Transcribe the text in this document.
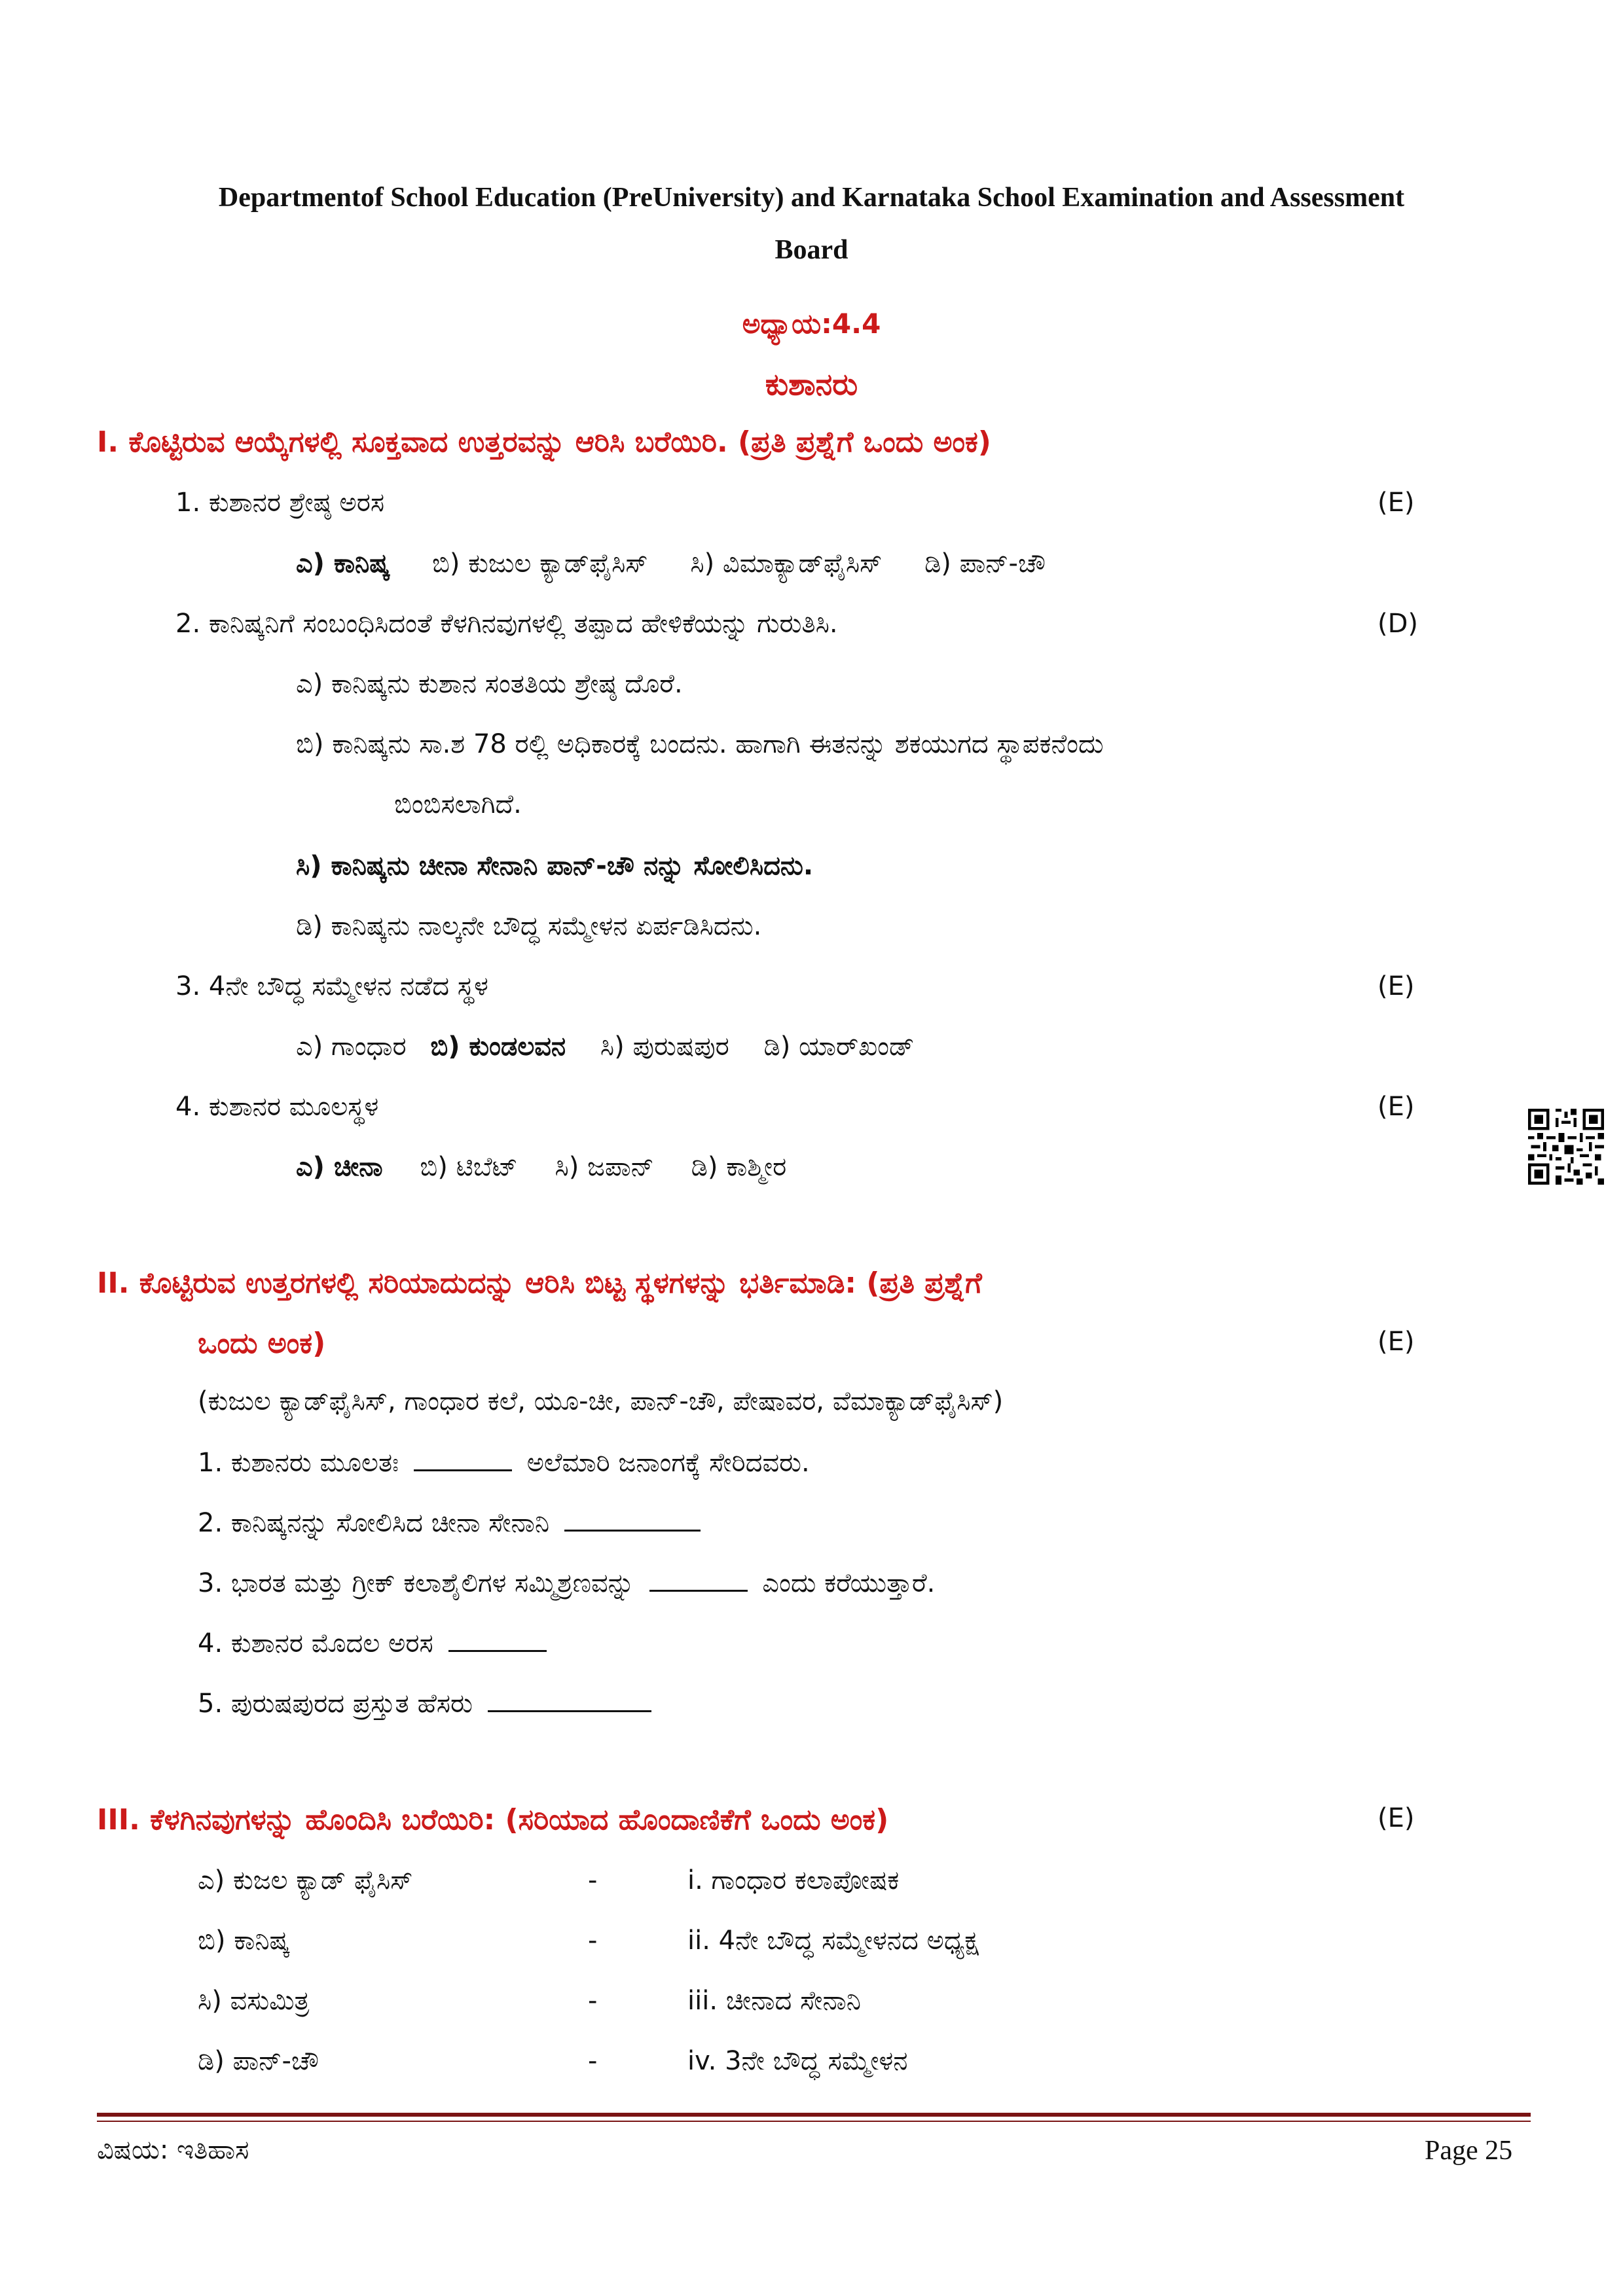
Departmentof School Education (PreUniversity) and Karnataka School Examination and Assessment
Board
ಅಧ್ಯಾಯ:4.4
ಕುಶಾನರು
I. ಕೊಟ್ಟಿರುವ ಆಯ್ಕೆಗಳಲ್ಲಿ ಸೂಕ್ತವಾದ ಉತ್ತರವನ್ನು ಆರಿಸಿ ಬರೆಯಿರಿ. (ಪ್ರತಿ ಪ್ರಶ್ನೆಗೆ ಒಂದು ಅಂಕ)
1. ಕುಶಾನರ ಶ್ರೇಷ್ಠ ಅರಸ	(E)
ಎ) ಕಾನಿಷ್ಕ ಬಿ) ಕುಜುಲ ಕ್ಯಾಡ್‌ಫೈಸಿಸ್ ಸಿ) ವಿಮಾಕ್ಯಾಡ್‌ಫೈಸಿಸ್ ಡಿ) ಪಾನ್-ಚೌ
2. ಕಾನಿಷ್ಕನಿಗೆ ಸಂಬಂಧಿಸಿದಂತೆ ಕೆಳಗಿನವುಗಳಲ್ಲಿ ತಪ್ಪಾದ ಹೇಳಿಕೆಯನ್ನು ಗುರುತಿಸಿ.	(D)
ಎ) ಕಾನಿಷ್ಕನು ಕುಶಾನ ಸಂತತಿಯ ಶ್ರೇಷ್ಠ ದೊರೆ.
ಬಿ) ಕಾನಿಷ್ಕನು ಸಾ.ಶ 78 ರಲ್ಲಿ ಅಧಿಕಾರಕ್ಕೆ ಬಂದನು. ಹಾಗಾಗಿ ಈತನನ್ನು ಶಕಯುಗದ ಸ್ಥಾಪಕನೆಂದು
ಬಿಂಬಿಸಲಾಗಿದೆ.
ಸಿ) ಕಾನಿಷ್ಕನು ಚೀನಾ ಸೇನಾನಿ ಪಾನ್-ಚೌ ನನ್ನು ಸೋಲಿಸಿದನು.
ಡಿ) ಕಾನಿಷ್ಕನು ನಾಲ್ಕನೇ ಬೌದ್ಧ ಸಮ್ಮೇಳನ ಏರ್ಪಡಿಸಿದನು.
3. 4ನೇ ಬೌದ್ಧ ಸಮ್ಮೇಳನ ನಡೆದ ಸ್ಥಳ	(E)
ಎ) ಗಾಂಧಾರ ಬಿ) ಕುಂಡಲವನ ಸಿ) ಪುರುಷಪುರ ಡಿ) ಯಾರ್‌ಖಂಡ್
4. ಕುಶಾನರ ಮೂಲಸ್ಥಳ	(E)
ಎ) ಚೀನಾ ಬಿ) ಟಿಬೆಟ್ ಸಿ) ಜಪಾನ್ ಡಿ) ಕಾಶ್ಮೀರ
II. ಕೊಟ್ಟಿರುವ ಉತ್ತರಗಳಲ್ಲಿ ಸರಿಯಾದುದನ್ನು ಆರಿಸಿ ಬಿಟ್ಟ ಸ್ಥಳಗಳನ್ನು ಭರ್ತಿಮಾಡಿ: (ಪ್ರತಿ ಪ್ರಶ್ನೆಗೆ
ಒಂದು ಅಂಕ)	(E)
(ಕುಜುಲ ಕ್ಯಾಡ್‌ಫೈಸಿಸ್, ಗಾಂಧಾರ ಕಲೆ, ಯೂ-ಚೀ, ಪಾನ್-ಚೌ, ಪೇಷಾವರ, ವೆಮಾಕ್ಯಾಡ್‌ಫೈಸಿಸ್)
1. ಕುಶಾನರು ಮೂಲತಃ	ಅಲೆಮಾರಿ ಜನಾಂಗಕ್ಕೆ ಸೇರಿದವರು.
2. ಕಾನಿಷ್ಕನನ್ನು ಸೋಲಿಸಿದ ಚೀನಾ ಸೇನಾನಿ
3. ಭಾರತ ಮತ್ತು ಗ್ರೀಕ್ ಕಲಾಶೈಲಿಗಳ ಸಮ್ಮಿಶ್ರಣವನ್ನು	ಎಂದು ಕರೆಯುತ್ತಾರೆ.
4. ಕುಶಾನರ ಮೊದಲ ಅರಸ
5. ಪುರುಷಪುರದ ಪ್ರಸ್ತುತ ಹೆಸರು
III. ಕೆಳಗಿನವುಗಳನ್ನು ಹೊಂದಿಸಿ ಬರೆಯಿರಿ: (ಸರಿಯಾದ ಹೊಂದಾಣಿಕೆಗೆ ಒಂದು ಅಂಕ)	(E)
ಎ) ಕುಜಲ ಕ್ಯಾಡ್ ಫೈಸಿಸ್	-	i. ಗಾಂಧಾರ ಕಲಾಪೋಷಕ
ಬಿ) ಕಾನಿಷ್ಕ	-	ii. 4ನೇ ಬೌದ್ಧ ಸಮ್ಮೇಳನದ ಅಧ್ಯಕ್ಷ
ಸಿ) ವಸುಮಿತ್ರ	-	iii. ಚೀನಾದ ಸೇನಾನಿ
ಡಿ) ಪಾನ್-ಚೌ	-	iv. 3ನೇ ಬೌದ್ಧ ಸಮ್ಮೇಳನ
ವಿಷಯ: ಇತಿಹಾಸ	Page 25
